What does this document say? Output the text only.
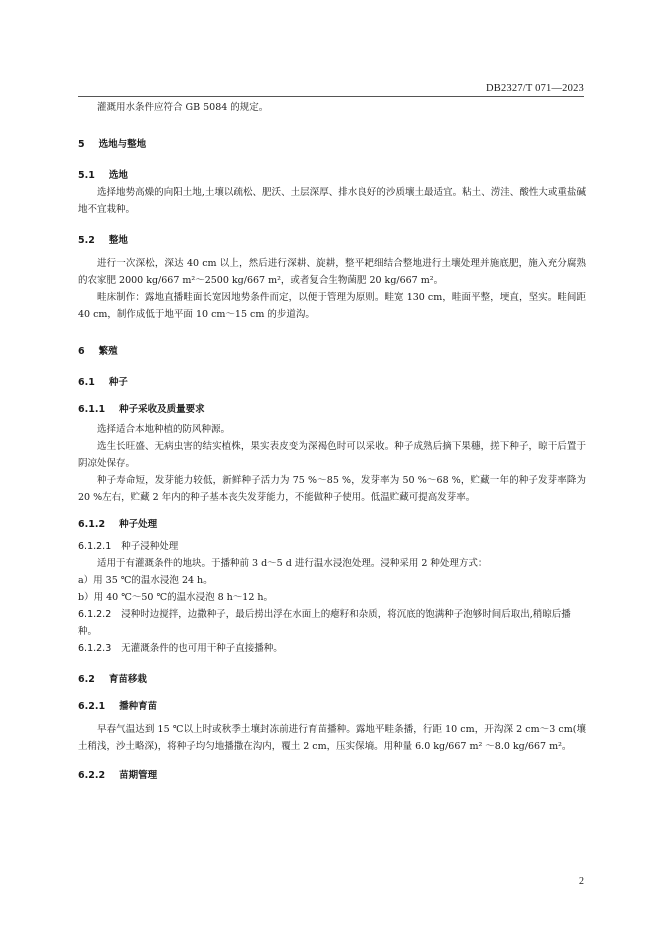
DB2327/T 071—2023

灌溉用水条件应符合 GB 5084 的规定。

5 选地与整地
5.1 选地

选择地势高燥的向阳土地,土壤以疏松、肥沃、土层深厚、排水良好的沙质壤土最适宜。粘土、涝洼、酸性大或重盐碱地不宜栽种。

5.2 整地

进行一次深松，深达 40 cm 以上，然后进行深耕、旋耕，整平耙细结合整地进行土壤处理并施底肥，施入充分腐熟的农家肥 2000 kg/667 m²～2500 kg/667 m²，或者复合生物菌肥 20 kg/667 m²。

畦床制作：露地直播畦面长宽因地势条件而定，以便于管理为原则。畦宽 130 cm，畦面平整，埂直，坚实。畦间距 40 cm，制作成低于地平面 10 cm～15 cm 的步道沟。

6 繁殖
6.1 种子
6.1.1 种子采收及质量要求

选择适合本地种植的防风种源。

选生长旺盛、无病虫害的结实植株，果实表皮变为深褐色时可以采收。种子成熟后摘下果穗，搓下种子，晾干后置于阴凉处保存。

种子寿命短，发芽能力较低，新鲜种子活力为 75 %～85 %，发芽率为 50 %～68 %，贮藏一年的种子发芽率降为 20 %左右，贮藏 2 年内的种子基本丧失发芽能力，不能做种子使用。低温贮藏可提高发芽率。

6.1.2 种子处理

6.1.2.1 种子浸种处理

适用于有灌溉条件的地块。于播种前 3 d～5 d 进行温水浸泡处理。浸种采用 2 种处理方式：

a）用 35 ℃的温水浸泡 24 h。

b）用 40 ℃～50 ℃的温水浸泡 8 h～12 h。

6.1.2.2 浸种时边搅拌，边撒种子，最后捞出浮在水面上的瘪籽和杂质，将沉底的饱满种子泡够时间后取出,稍晾后播种。

6.1.2.3 无灌溉条件的也可用干种子直接播种。

6.2 育苗移栽
6.2.1 播种育苗

早春气温达到 15 ℃以上时或秋季土壤封冻前进行育苗播种。露地平畦条播，行距 10 cm，开沟深 2 cm～3 cm(壤土稍浅，沙土略深)，将种子均匀地播撒在沟内，覆土 2 cm，压实保墒。用种量 6.0 kg/667 m² ～8.0 kg/667 m²。

6.2.2 苗期管理
2
